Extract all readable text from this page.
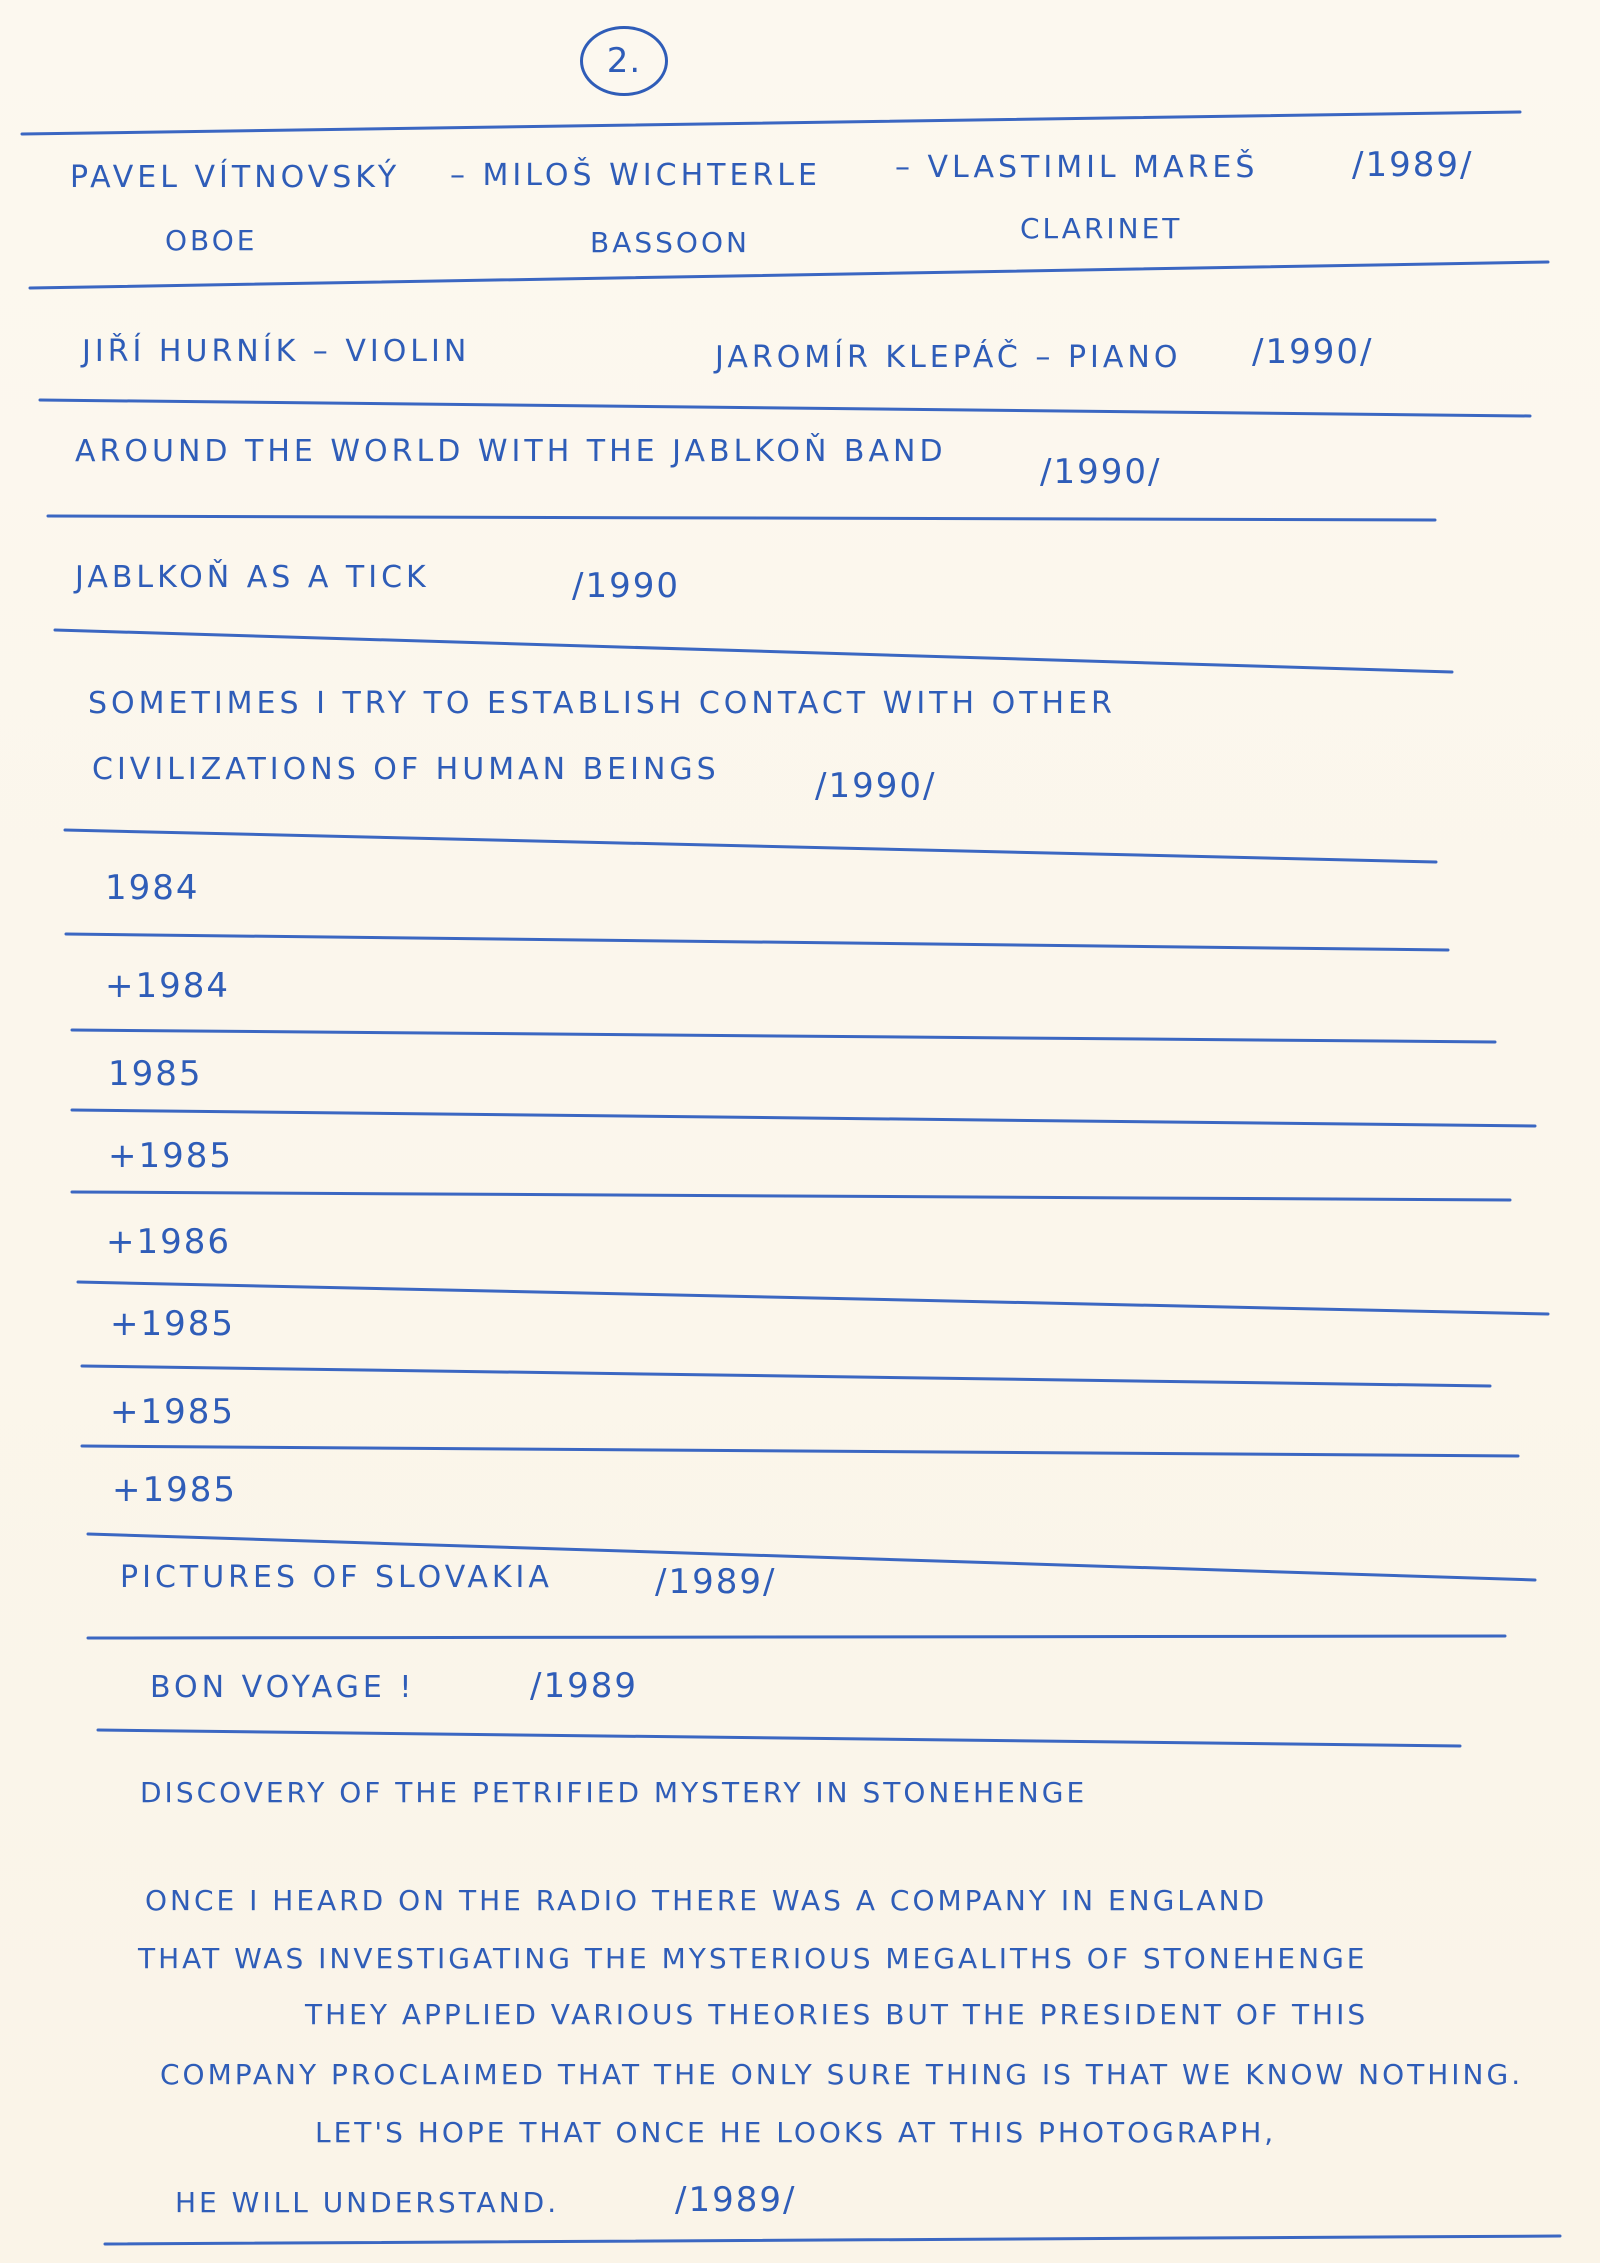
2.
PAVEL VÍTNOVSKÝ – MILOŠ WICHTERLE – VLASTIMIL MAREŠ	/1989/
OBOE	BASSOON	CLARINET
JIŘÍ HURNÍK – VIOLIN	JAROMÍR KLEPÁČ – PIANO /1990/
AROUND THE WORLD WITH THE JABLKOŇ BAND
/1990/
JABLKOŇ AS A TICK	/1990
SOMETIMES I TRY TO ESTABLISH CONTACT WITH OTHER
CIVILIZATIONS OF HUMAN BEINGS	/1990/
1984
+1984
1985
+1985
+1986
+1985
+1985
+1985
PICTURES OF SLOVAKIA	/1989/
BON VOYAGE !	/1989
DISCOVERY OF THE PETRIFIED MYSTERY IN STONEHENGE
ONCE I HEARD ON THE RADIO THERE WAS A COMPANY IN ENGLAND
THAT WAS INVESTIGATING THE MYSTERIOUS MEGALITHS OF STONEHENGE
THEY APPLIED VARIOUS THEORIES BUT THE PRESIDENT OF THIS
COMPANY PROCLAIMED THAT THE ONLY SURE THING IS THAT WE KNOW NOTHING.
LET'S HOPE THAT ONCE HE LOOKS AT THIS PHOTOGRAPH,
HE WILL UNDERSTAND.	/1989/
